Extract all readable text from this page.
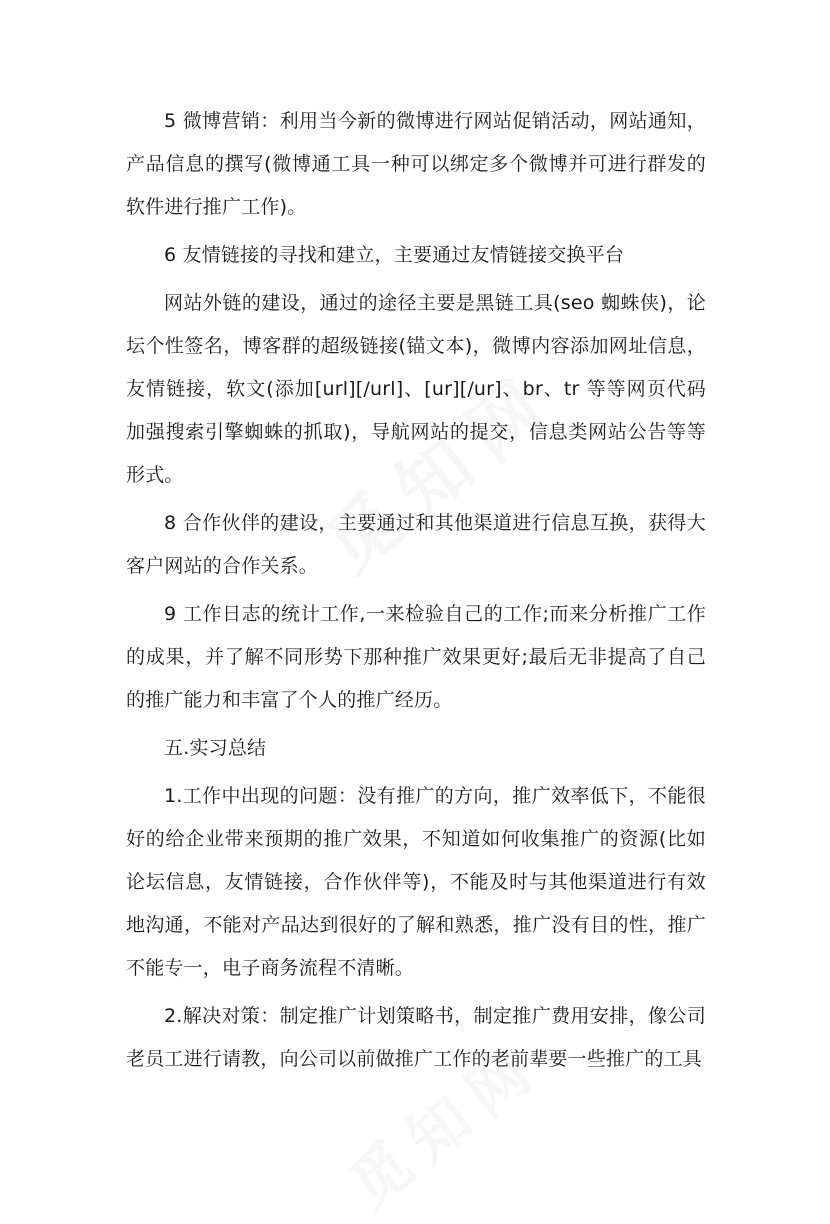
5 微博营销：利用当今新的微博进行网站促销活动，网站通知，产品信息的撰写(微博通工具一种可以绑定多个微博并可进行群发的软件进行推广工作)。

6 友情链接的寻找和建立，主要通过友情链接交换平台

网站外链的建设，通过的途径主要是黑链工具(seo 蜘蛛侠)，论坛个性签名，博客群的超级链接(锚文本)，微博内容添加网址信息，友情链接，软文(添加[url][/url]、[ur][/ur]、br、tr 等等网页代码加强搜索引擎蜘蛛的抓取)，导航网站的提交，信息类网站公告等等形式。

8 合作伙伴的建设，主要通过和其他渠道进行信息互换，获得大客户网站的合作关系。

9 工作日志的统计工作,一来检验自己的工作;而来分析推广工作的成果，并了解不同形势下那种推广效果更好;最后无非提高了自己的推广能力和丰富了个人的推广经历。

五.实习总结

1.工作中出现的问题：没有推广的方向，推广效率低下，不能很好的给企业带来预期的推广效果，不知道如何收集推广的资源(比如论坛信息，友情链接，合作伙伴等)，不能及时与其他渠道进行有效地沟通，不能对产品达到很好的了解和熟悉，推广没有目的性，推广不能专一，电子商务流程不清晰。

2.解决对策：制定推广计划策略书，制定推广费用安排，像公司老员工进行请教，向公司以前做推广工作的老前辈要一些推广的工具
